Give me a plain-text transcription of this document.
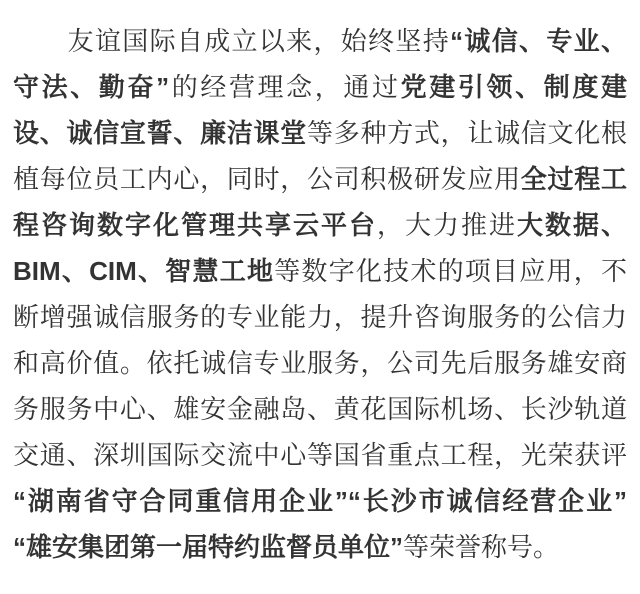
　　友谊国际自成立以来，始终坚持“诚信、专业、
守法、勤奋”的经营理念，通过党建引领、制度建
设、诚信宣誓、廉洁课堂等多种方式，让诚信文化根
植每位员工内心，同时，公司积极研发应用全过程工
程咨询数字化管理共享云平台，大力推进大数据、
BIM、CIM、智慧工地等数字化技术的项目应用，不
断增强诚信服务的专业能力，提升咨询服务的公信力
和高价值。依托诚信专业服务，公司先后服务雄安商
务服务中心、雄安金融岛、黄花国际机场、长沙轨道
交通、深圳国际交流中心等国省重点工程，光荣获评
“湖南省守合同重信用企业”“长沙市诚信经营企业”
“雄安集团第一届特约监督员单位”等荣誉称号。
